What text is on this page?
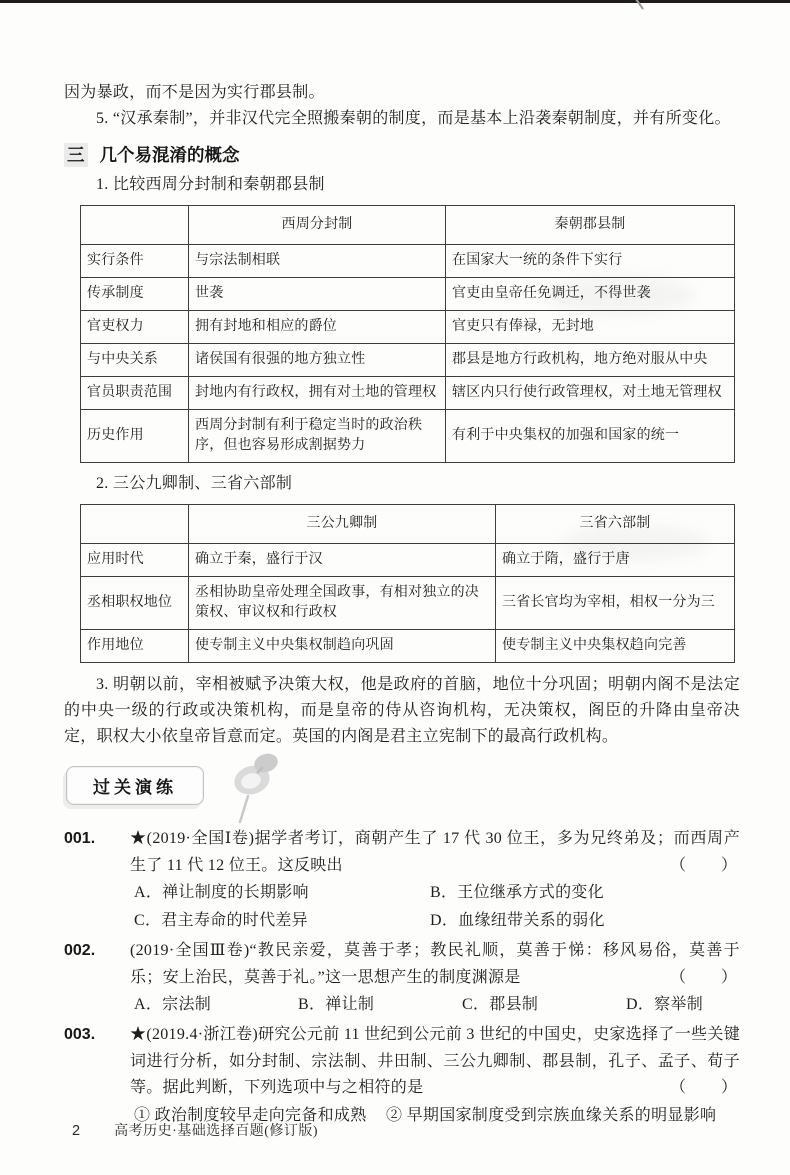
因为暴政，而不是因为实行郡县制。

5. “汉承秦制”，并非汉代完全照搬秦朝的制度，而是基本上沿袭秦朝制度，并有所变化。

三 几个易混淆的概念

1. 比较西周分封制和秦朝郡县制

	西周分封制	秦朝郡县制
实行条件	与宗法制相联	在国家大一统的条件下实行
传承制度	世袭	官吏由皇帝任免调迁，不得世袭
官吏权力	拥有封地和相应的爵位	官吏只有俸禄，无封地
与中央关系	诸侯国有很强的地方独立性	郡县是地方行政机构，地方绝对服从中央
官员职责范围	封地内有行政权，拥有对土地的管理权	辖区内只行使行政管理权，对土地无管理权
历史作用	西周分封制有利于稳定当时的政治秩序，但也容易形成割据势力	有利于中央集权的加强和国家的统一

2. 三公九卿制、三省六部制

	三公九卿制	三省六部制
应用时代	确立于秦，盛行于汉	确立于隋，盛行于唐
丞相职权地位	丞相协助皇帝处理全国政事，有相对独立的决策权、审议权和行政权	三省长官均为宰相，相权一分为三
作用地位	使专制主义中央集权制趋向巩固	使专制主义中央集权趋向完善

3. 明朝以前，宰相被赋予决策大权，他是政府的首脑，地位十分巩固；明朝内阁不是法定的中央一级的行政或决策机构，而是皇帝的侍从咨询机构，无决策权，阁臣的升降由皇帝决定，职权大小依皇帝旨意而定。英国的内阁是君主立宪制下的最高行政机构。

过关演练
001.	★(2019·全国Ⅰ卷)据学者考订，商朝产生了 17 代 30 位王，多为兄终弟及；而西周产生了 11 代 12 位王。这反映出	（　　）
A．禅让制度的长期影响	B．王位继承方式的变化
C．君主寿命的时代差异	D．血缘纽带关系的弱化
002.	(2019·全国Ⅲ卷)“教民亲爱，莫善于孝；教民礼顺，莫善于悌：移风易俗，莫善于乐；安上治民，莫善于礼。”这一思想产生的制度渊源是	（　　）
A．宗法制	B．禅让制	C．郡县制	D．察举制
003.	★(2019.4·浙江卷)研究公元前 11 世纪到公元前 3 世纪的中国史，史家选择了一些关键词进行分析，如分封制、宗法制、井田制、三公九卿制、郡县制，孔子、孟子、荀子等。据此判断，下列选项中与之相符的是	（　　）
① 政治制度较早走向完备和成熟	② 早期国家制度受到宗族血缘关系的明显影响
2 高考历史·基础选择百题(修订版)
